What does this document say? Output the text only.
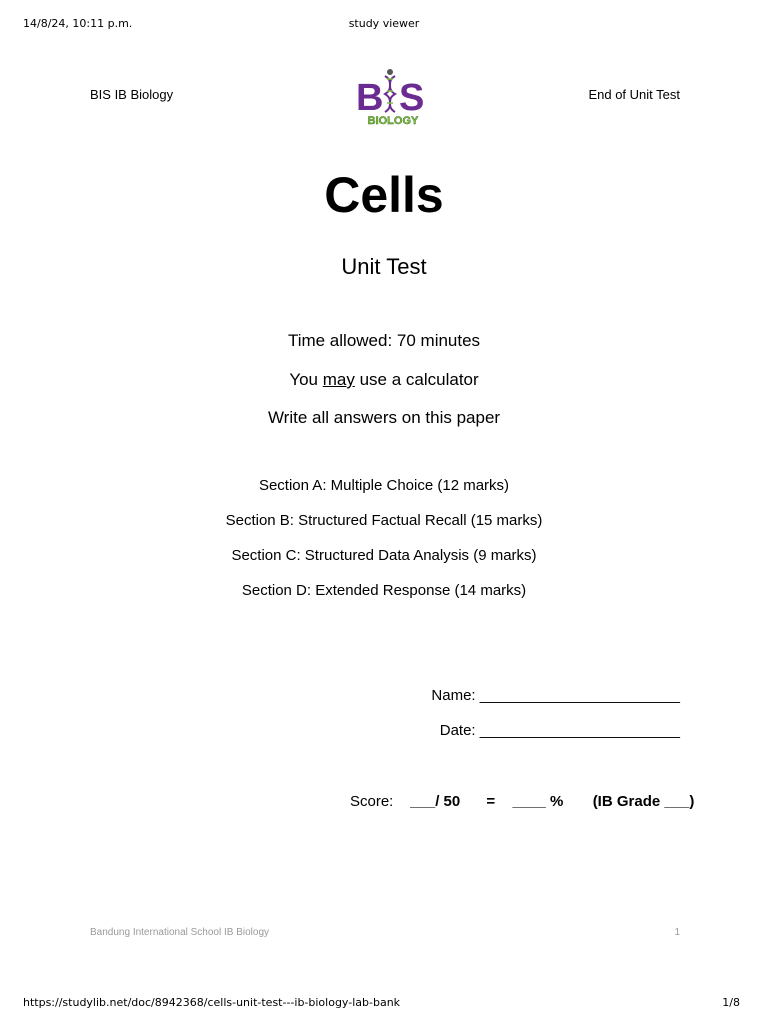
14/8/24, 10:11 p.m.	study viewer
BIS IB Biology	End of Unit Test
B S
BIOLOGY
Cells
Unit Test
Time allowed: 70 minutes
You may use a calculator
Write all answers on this paper
Section A: Multiple Choice (12 marks)
Section B: Structured Factual Recall (15 marks)
Section C: Structured Data Analysis (9 marks)
Section D: Extended Response (14 marks)
Name: ________________________
Date: ________________________
Score: ___/ 50 = ____ % (IB Grade ___)
Bandung International School IB Biology	1
https://studylib.net/doc/8942368/cells-unit-test---ib-biology-lab-bank	1/8
